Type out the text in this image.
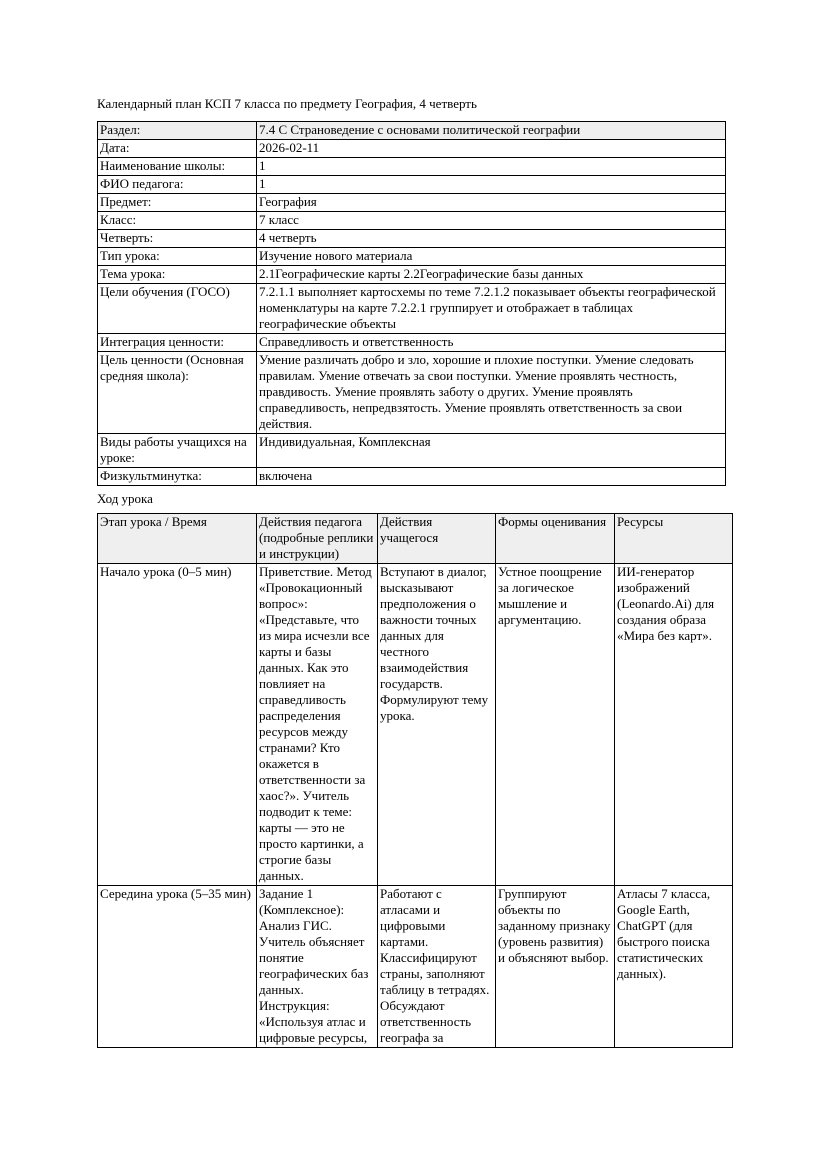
Календарный план КСП 7 класса по предмету География, 4 четверть
Раздел:	7.4 C Страноведение с основами политической географии
Дата:	2026-02-11
Наименование школы:	1
ФИО педагога:	1
Предмет:	География
Класс:	7 класс
Четверть:	4 четверть
Тип урока:	Изучение нового материала
Тема урока:	2.1Географические карты 2.2Географические базы данных
Цели обучения (ГОСО)	7.2.1.1 выполняет картосхемы по теме 7.2.1.2 показывает объекты географической номенклатуры на карте 7.2.2.1 группирует и отображает в таблицах географические объекты
Интеграция ценности:	Справедливость и ответственность
Цель ценности (Основная средняя школа):	Умение различать добро и зло, хорошие и плохие поступки. Умение следовать правилам. Умение отвечать за свои поступки. Умение проявлять честность, правдивость. Умение проявлять заботу о других. Умение проявлять справедливость, непредвзятость. Умение проявлять ответственность за свои действия.
Виды работы учащихся на уроке:	Индивидуальная, Комплексная
Физкультминутка:	включена
Ход урока
Этап урока / Время	Действия педагога (подробные реплики и инструкции)	Действия учащегося	Формы оценивания	Ресурсы
Начало урока (0–5 мин)	Приветствие. Метод «Провокационный вопрос»: «Представьте, что из мира исчезли все карты и базы данных. Как это повлияет на справедливость распределения ресурсов между странами? Кто окажется в ответственности за хаос?». Учитель подводит к теме: карты — это не просто картинки, а строгие базы данных.	Вступают в диалог, высказывают предположения о важности точных данных для честного взаимодействия государств. Формулируют тему урока.	Устное поощрение за логическое мышление и аргументацию.	ИИ-генератор изображений (Leonardo.Ai) для создания образа «Мира без карт».

Середина урока (5–35 мин)	Задание 1 (Комплексное): Анализ ГИС. Учитель объясняет понятие географических баз данных. Инструкция: «Используя атлас и цифровые ресурсы,	Работают с атласами и цифровыми картами. Классифицируют страны, заполняют таблицу в тетрадях. Обсуждают ответственность географа за	Группируют объекты по заданному признаку (уровень развития) и объясняют выбор.	Атласы 7 класса, Google Earth, ChatGPT (для быстрого поиска статистических данных).
